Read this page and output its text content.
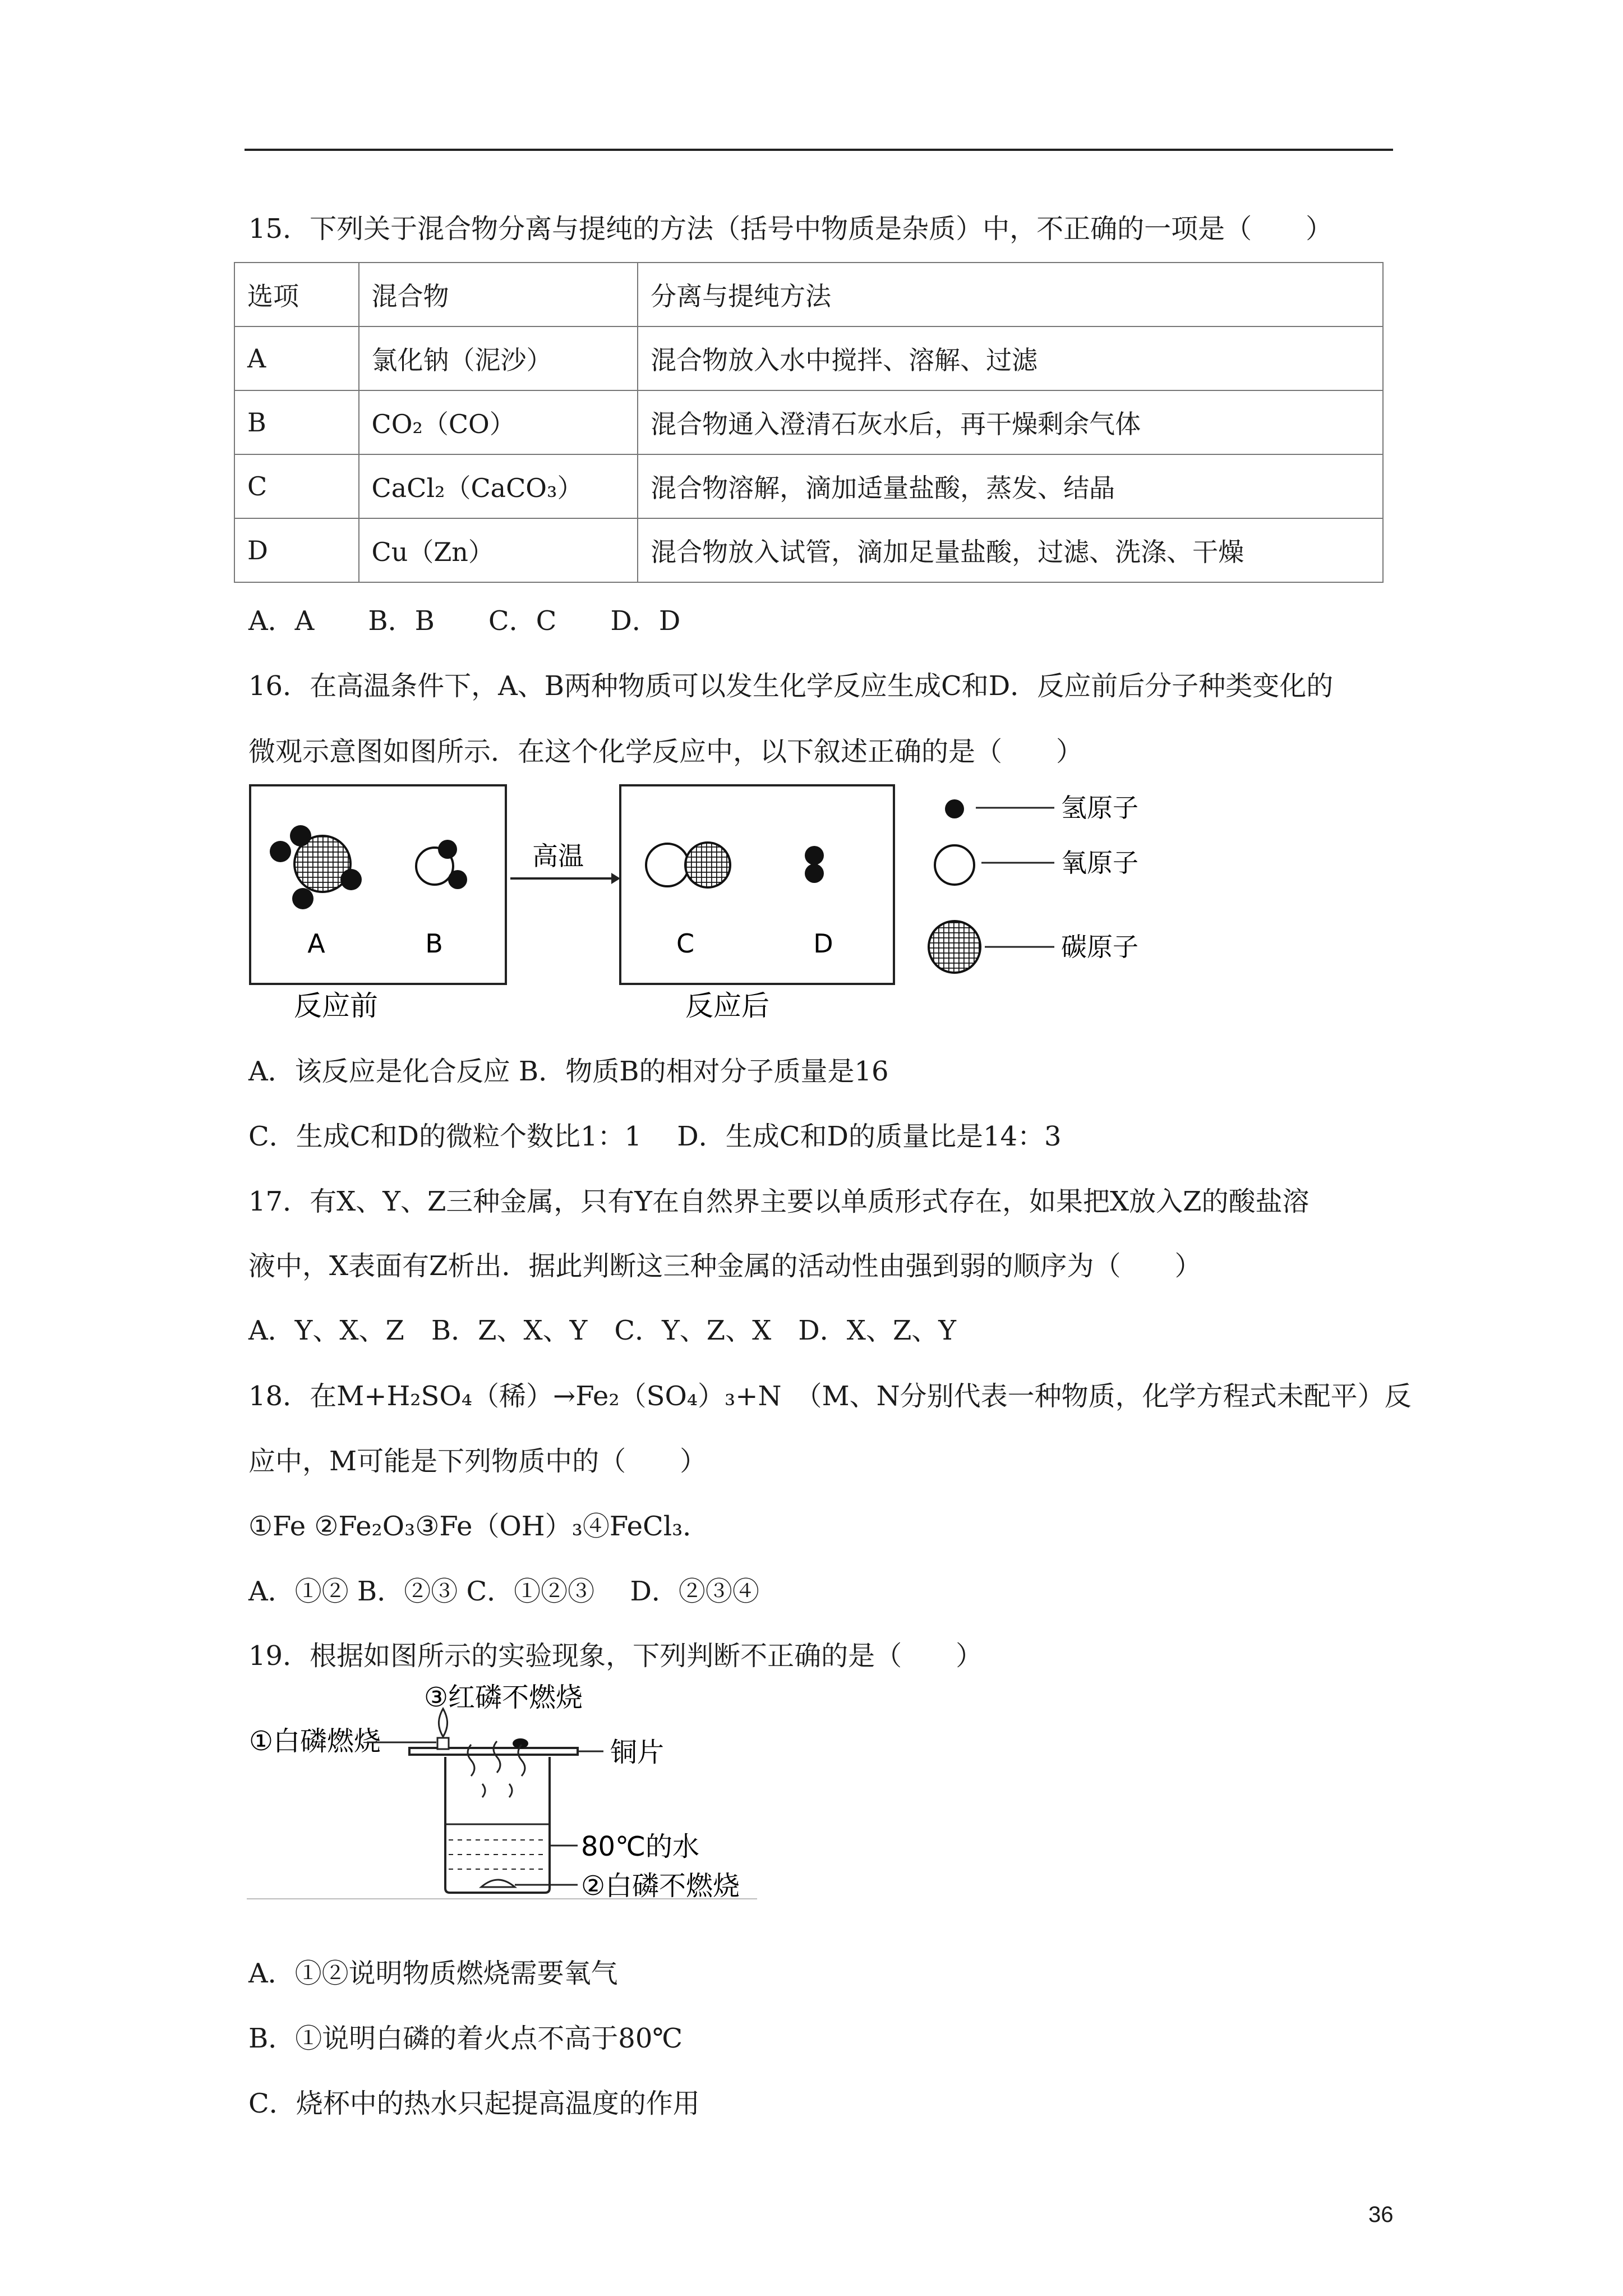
15．下列关于混合物分离与提纯的方法（括号中物质是杂质）中，不正确的一项是（　　）
选项	混合物	分离与提纯方法
A	氯化钠（泥沙）	混合物放入水中搅拌、溶解、过滤
B	CO₂（CO）	混合物通入澄清石灰水后，再干燥剩余气体
C	CaCl₂（CaCO₃）	混合物溶解，滴加适量盐酸，蒸发、结晶
D	Cu（Zn）	混合物放入试管，滴加足量盐酸，过滤、洗涤、干燥
A．A　　B．B　　C．C　　D．D
16．在高温条件下，A、B两种物质可以发生化学反应生成C和D．反应前后分子种类变化的
微观示意图如图所示．在这个化学反应中，以下叙述正确的是（　　）
A	B
高温
C	D
反应前	反应后
氢原子
氧原子
碳原子
A．该反应是化合反应 B．物质B的相对分子质量是16
C．生成C和D的微粒个数比1：1　 D．生成C和D的质量比是14：3
17．有X、Y、Z三种金属，只有Y在自然界主要以单质形式存在，如果把X放入Z的酸盐溶
液中，X表面有Z析出．据此判断这三种金属的活动性由强到弱的顺序为（　　）
A．Y、X、Z　B．Z、X、Y　C．Y、Z、X　D．X、Z、Y
18．在M+H₂SO₄（稀）→Fe₂（SO₄）₃+N　（M、N分别代表一种物质，化学方程式未配平）反
应中，M可能是下列物质中的（　　）
①Fe ②Fe₂O₃③Fe（OH）₃④FeCl₃．
A．①② B．②③ C．①②③　 D．②③④
19．根据如图所示的实验现象，下列判断不正确的是（　　）
③红磷不燃烧
①白磷燃烧	铜片
80℃的水
②白磷不燃烧
A．①②说明物质燃烧需要氧气
B．①说明白磷的着火点不高于80℃
C．烧杯中的热水只起提高温度的作用
36
